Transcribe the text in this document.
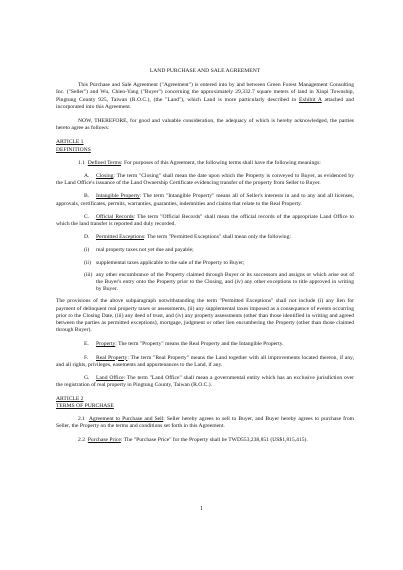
LAND PURCHASE AND SALE AGREEMENT

This Purchase and Sale Agreement ("Agreement") is entered into by and between Green Forest Management Consulting Inc. ("Seller") and Wu, Chien-Yang ("Buyer") concerning the approximately 29,332.7 square meters of land in Xinpi Township, Pingtung County 925, Taiwan (R.O.C.), (the "Land"), which Land is more particularly described in Exhibit A attached and incorporated into this Agreement.

NOW, THEREFORE, for good and valuable consideration, the adequacy of which is hereby acknowledged, the parties hereto agree as follows:

ARTICLE 1
DEFINITIONS
1.1 Defined Terms: For purposes of this Agreement, the following terms shall have the following meanings:
A. Closing: The term "Closing" shall mean the date upon which the Property is conveyed to Buyer, as evidenced by the Land Office's issuance of the Land Ownership Certificate evidencing transfer of the property from Seller to Buyer.
B. Intangible Property: The term "Intangible Property" means all of Seller's interests in and to any and all licenses, approvals, certificates, permits, warranties, guaranties, indemnities and claims that relate to the Real Property.
C. Official Records: The term "Official Records" shall mean the official records of the appropriate Land Office to which the land transfer is reported and duly recorded.
D. Permitted Exceptions: The term "Permitted Exceptions" shall mean only the following:
(i)	real property taxes not yet due and payable;
(ii) supplemental taxes applicable to the sale of the Property to Buyer;
(iii) any other encumbrance of the Property claimed through Buyer or its successors and assigns or which arise out of the Buyer's entry onto the Property prior to the Closing, and (iv) any other exceptions to title approved in writing by Buyer.

The provisions of the above subparagraph notwithstanding the term "Permitted Exceptions" shall not include (i) any lien for payment of delinquent real property taxes or assessments, (ii) any supplemental taxes imposed as a consequence of events occurring prior to the Closing Date, (iii) any deed of trust, and (iv) any property assessments (other than those identified in writing and agreed between the parties as permitted exceptions), mortgage, judgment or other lien encumbering the Property (other than those claimed through Buyer).

E. Property: The term "Property" means the Real Property and the Intangible Property.
F. Real Property: The term "Real Property" means the Land together with all improvements located thereon, if any, and all rights, privileges, easements and appurtenances to the Land, if any.
G. Land Office: The term "Land Office" shall mean a governmental entity which has an exclusive jurisdiction over the registration of real property in Pingtung County, Taiwan (R.O.C.).
ARTICLE 2
TERMS OF PURCHASE

2.1 Agreement to Purchase and Sell: Seller hereby agrees to sell to Buyer, and Buyer hereby agrees to purchase from Seller, the Property on the terms and conditions set forth in this Agreement.

2.2 Purchase Price: The "Purchase Price" for the Property shall be TWD553,238,851 (US$1,815,415).

1
